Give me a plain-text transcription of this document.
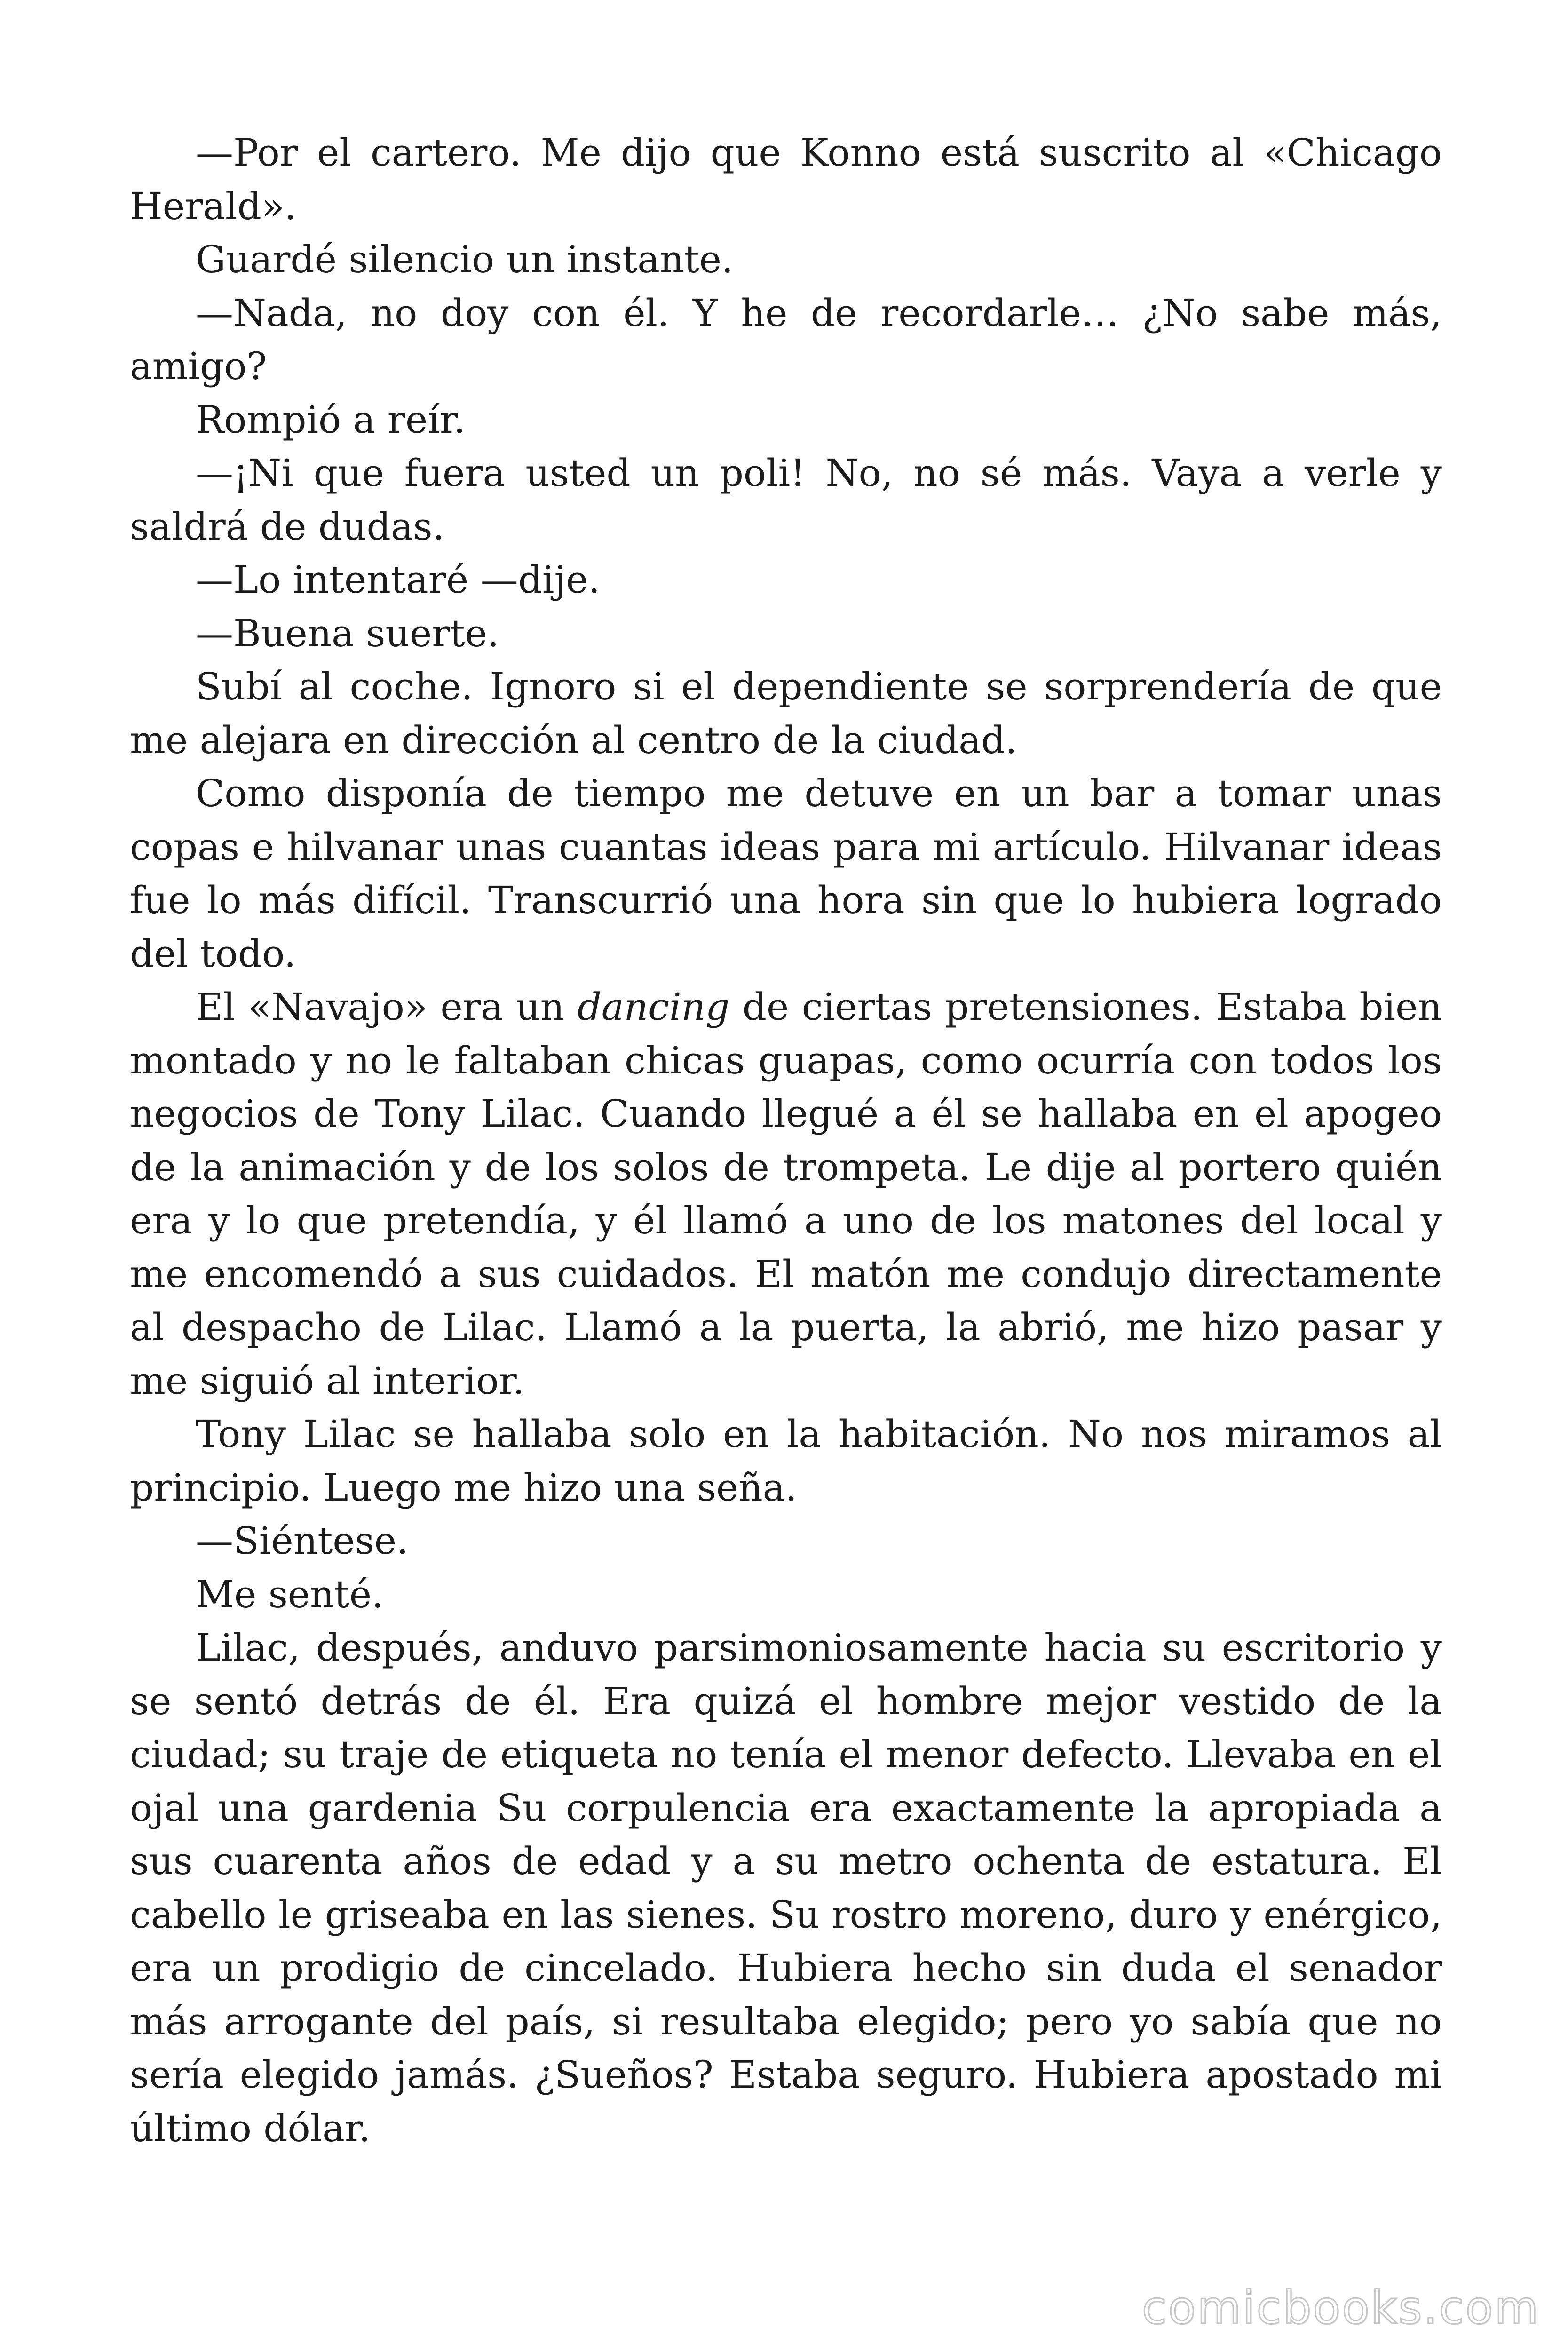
—Por el cartero. Me dijo que Konno está suscrito al «Chicago Herald».

Guardé silencio un instante.

—Nada, no doy con él. Y he de recordarle… ¿No sabe más, amigo?

Rompió a reír.

—¡Ni que fuera usted un poli! No, no sé más. Vaya a verle y saldrá de dudas.

—Lo intentaré —dije.

—Buena suerte.

Subí al coche. Ignoro si el dependiente se sorprendería de que me alejara en dirección al centro de la ciudad.

Como disponía de tiempo me detuve en un bar a tomar unas copas e hilvanar unas cuantas ideas para mi artículo. Hilvanar ideas fue lo más difícil. Transcurrió una hora sin que lo hubiera logrado del todo.

El «Navajo» era un dancing de ciertas pretensiones. Estaba bien montado y no le faltaban chicas guapas, como ocurría con todos los negocios de Tony Lilac. Cuando llegué a él se hallaba en el apogeo de la animación y de los solos de trompeta. Le dije al portero quién era y lo que pretendía, y él llamó a uno de los matones del local y me encomendó a sus cuidados. El matón me condujo directamente al despacho de Lilac. Llamó a la puerta, la abrió, me hizo pasar y me siguió al interior.

Tony Lilac se hallaba solo en la habitación. No nos miramos al principio. Luego me hizo una seña.

—Siéntese.

Me senté.

Lilac, después, anduvo parsimoniosamente hacia su escritorio y se sentó detrás de él. Era quizá el hombre mejor vestido de la ciudad; su traje de etiqueta no tenía el menor defecto. Llevaba en el ojal una gardenia Su corpulencia era exactamente la apropiada a sus cuarenta años de edad y a su metro ochenta de estatura. El cabello le griseaba en las sienes. Su rostro moreno, duro y enérgico, era un prodigio de cincelado. Hubiera hecho sin duda el senador más arrogante del país, si resultaba elegido; pero yo sabía que no sería elegido jamás. ¿Sueños? Estaba seguro. Hubiera apostado mi último dólar.

comicbooks.com
